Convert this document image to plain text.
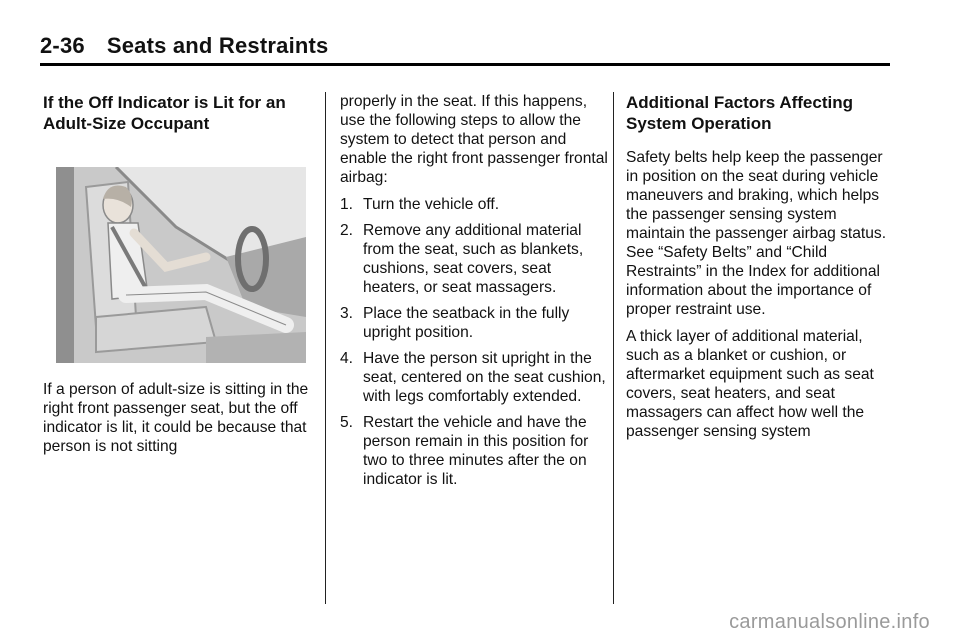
2-36 Seats and Restraints
If the Off Indicator is Lit for an Adult-Size Occupant

If a person of adult-size is sitting in the right front passenger seat, but the off indicator is lit, it could be because that person is not sitting

properly in the seat. If this happens, use the following steps to allow the system to detect that person and enable the right front passenger frontal airbag:

1. Turn the vehicle off.
2. Remove any additional material from the seat, such as blankets, cushions, seat covers, seat heaters, or seat massagers.
3. Place the seatback in the fully upright position.
4. Have the person sit upright in the seat, centered on the seat cushion, with legs comfortably extended.
5. Restart the vehicle and have the person remain in this position for two to three minutes after the on indicator is lit.
Additional Factors Affecting System Operation

Safety belts help keep the passenger in position on the seat during vehicle maneuvers and braking, which helps the passenger sensing system maintain the passenger airbag status. See “Safety Belts” and “Child Restraints” in the Index for additional information about the importance of proper restraint use.

A thick layer of additional material, such as a blanket or cushion, or aftermarket equipment such as seat covers, seat heaters, and seat massagers can affect how well the passenger sensing system

carmanualsonline.info
